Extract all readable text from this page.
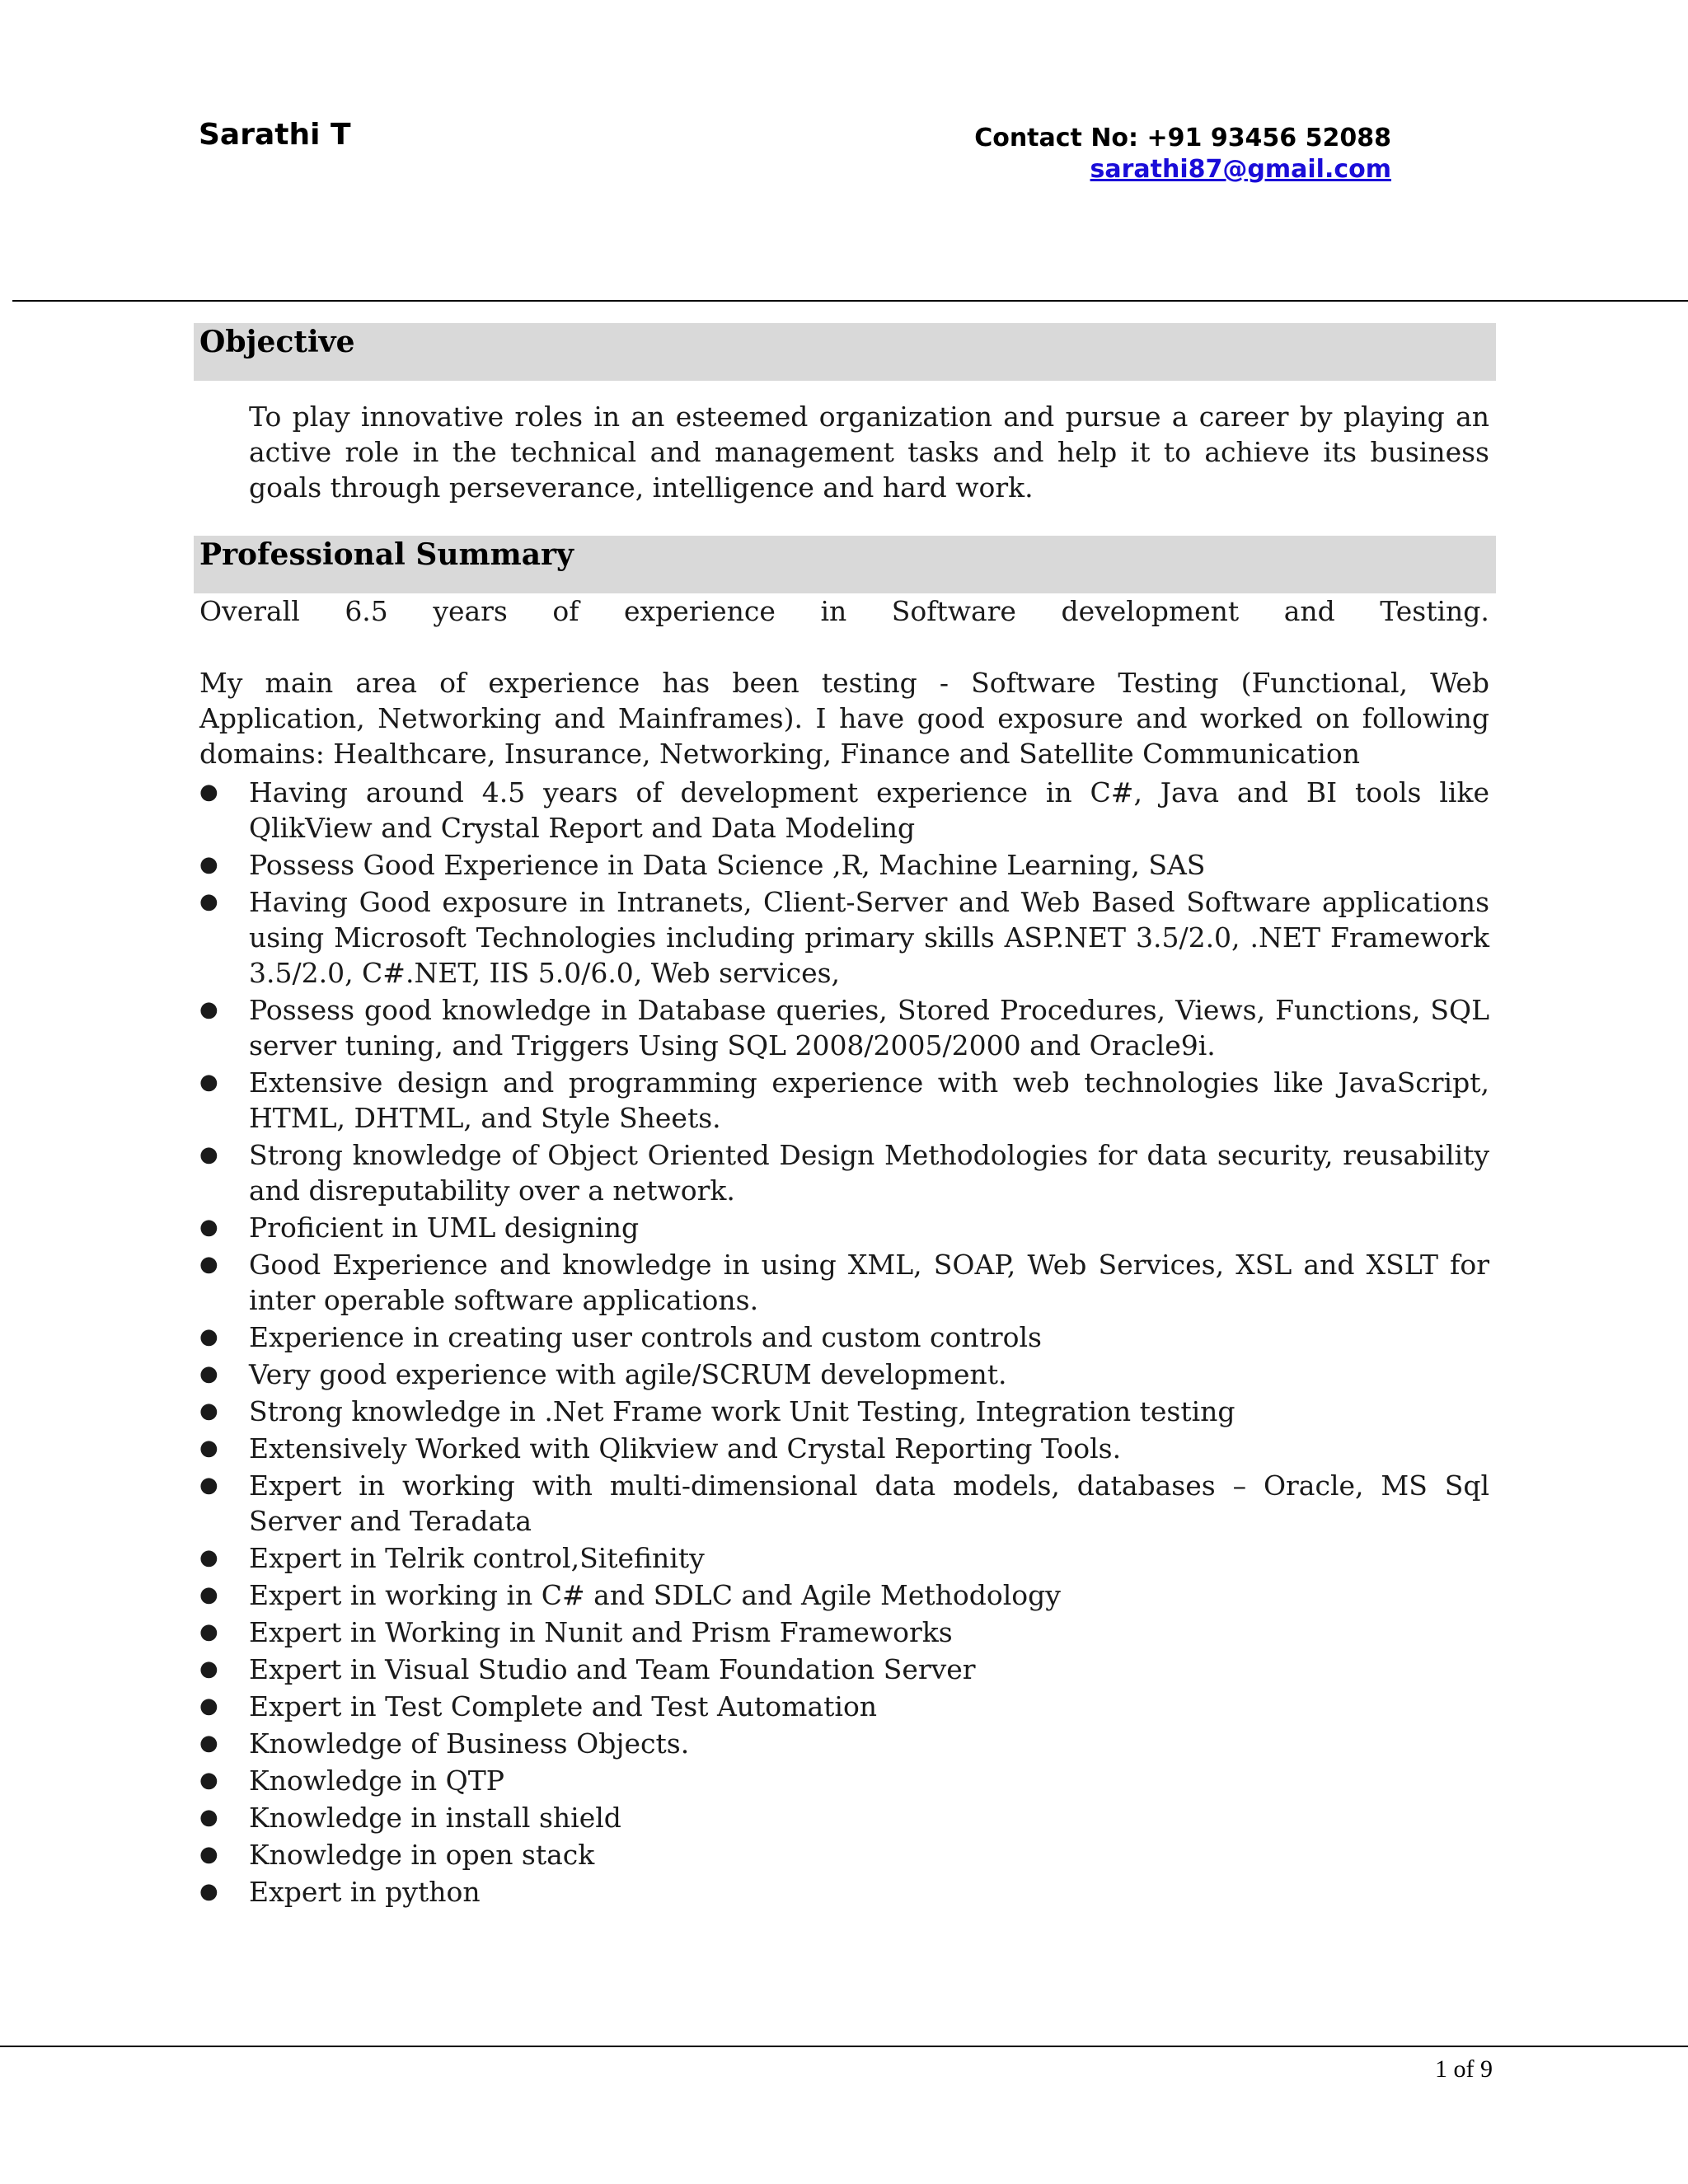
Sarathi T	Contact No: +91 93456 52088
sarathi87@gmail.com
Objective
To play innovative roles in an esteemed organization and pursue a career by playing an active role in the technical and management tasks and help it to achieve its business goals through perseverance, intelligence and hard work.
Professional Summary
Overall 6.5 years of experience in Software development and Testing.
My main area of experience has been testing - Software Testing (Functional, Web Application, Networking and Mainframes). I have good exposure and worked on following domains: Healthcare, Insurance, Networking, Finance and Satellite Communication
● Having around 4.5 years of development experience in C#, Java and BI tools like QlikView and Crystal Report and Data Modeling
● Possess Good Experience in Data Science ,R, Machine Learning, SAS
● Having Good exposure in Intranets, Client-Server and Web Based Software applications using Microsoft Technologies including primary skills ASP.NET 3.5/2.0, .NET Framework 3.5/2.0, C#.NET, IIS 5.0/6.0, Web services,
● Possess good knowledge in Database queries, Stored Procedures, Views, Functions, SQL server tuning, and Triggers Using SQL 2008/2005/2000 and Oracle9i.
● Extensive design and programming experience with web technologies like JavaScript, HTML, DHTML, and Style Sheets.
● Strong knowledge of Object Oriented Design Methodologies for data security, reusability and disreputability over a network.
● Proficient in UML designing
● Good Experience and knowledge in using XML, SOAP, Web Services, XSL and XSLT for inter operable software applications.
● Experience in creating user controls and custom controls
● Very good experience with agile/SCRUM development.
● Strong knowledge in .Net Frame work Unit Testing, Integration testing
● Extensively Worked with Qlikview and Crystal Reporting Tools.
● Expert in working with multi-dimensional data models, databases – Oracle, MS Sql Server and Teradata
● Expert in Telrik control,Sitefinity
● Expert in working in C# and SDLC and Agile Methodology
● Expert in Working in Nunit and Prism Frameworks
● Expert in Visual Studio and Team Foundation Server
● Expert in Test Complete and Test Automation
● Knowledge of Business Objects.
● Knowledge in QTP
● Knowledge in install shield
● Knowledge in open stack
● Expert in python
1 of 9
